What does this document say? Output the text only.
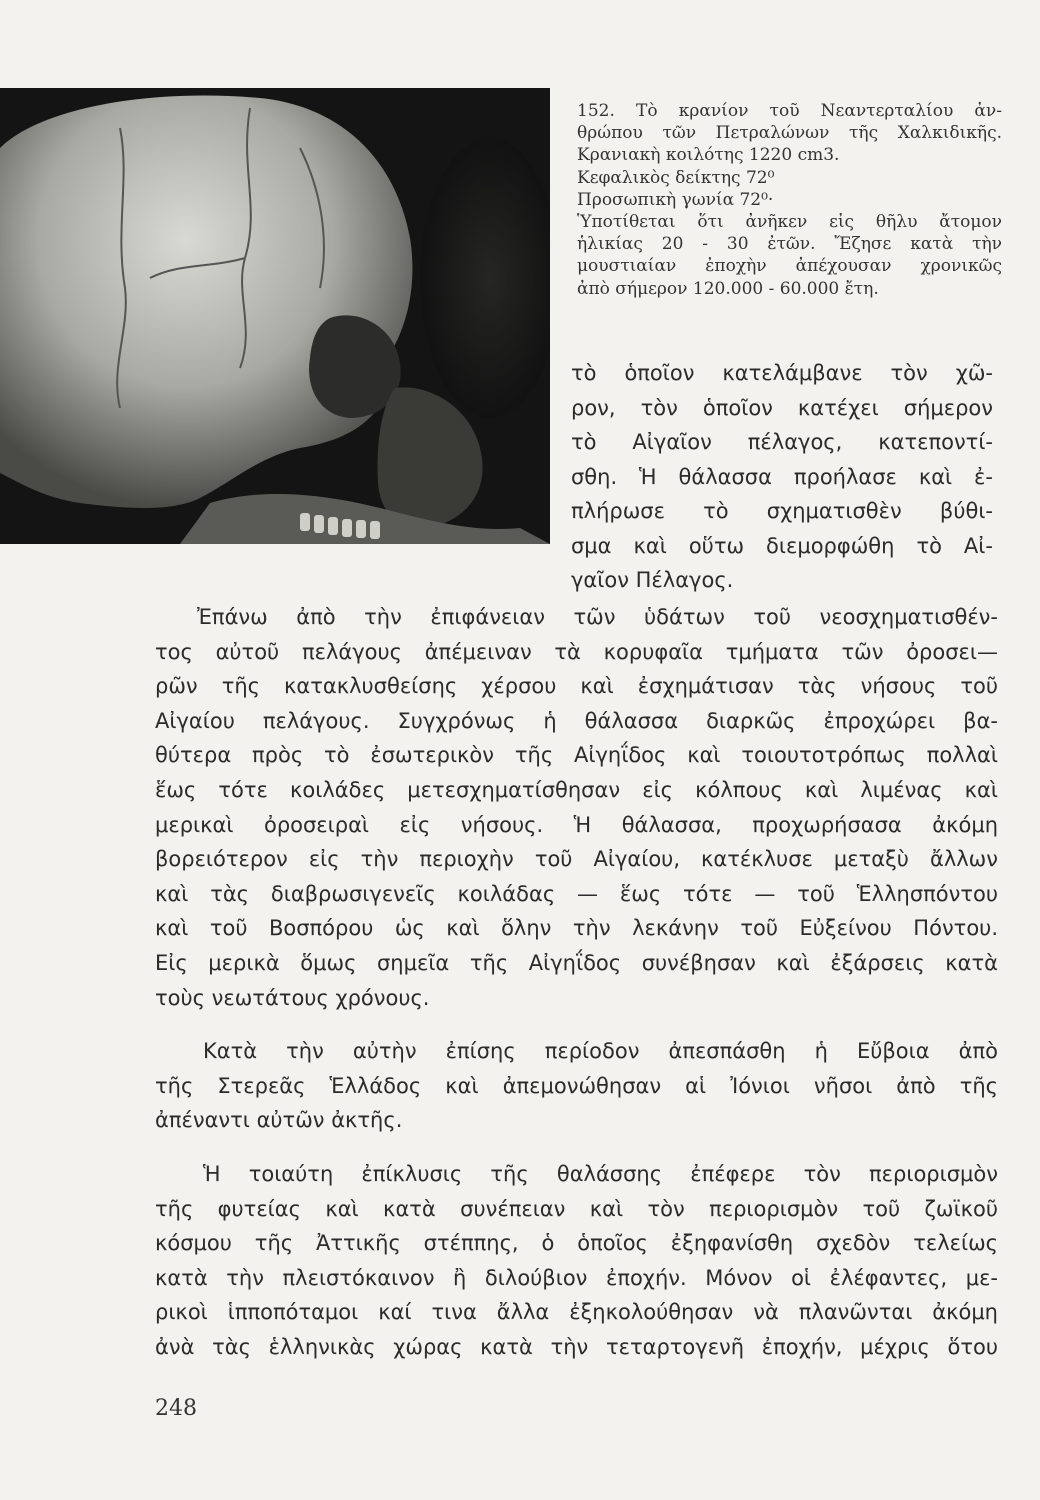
152. Τὸ κρανίον τοῦ Νεαντερταλίου ἀν-
θρώπου τῶν Πετραλώνων τῆς Χαλκιδικῆς.
Κρανιακὴ κοιλότης 1220 cm3.
Κεφαλικὸς δείκτης 72⁰
Προσωπικὴ γωνία 72⁰·
Ὑποτίθεται ὅτι ἀνῆκεν εἰς θῆλυ ἄτομον
ἡλικίας 20 - 30 ἐτῶν. Ἔζησε κατὰ τὴν
μουστιαίαν ἐποχὴν ἀπέχουσαν χρονικῶς
ἀπὸ σήμερον 120.000 - 60.000 ἔτη.
τὸ ὁποῖον κατελάμβανε τὸν χῶ-
ρον, τὸν ὁποῖον κατέχει σήμερον
τὸ Αἰγαῖον πέλαγος, κατεποντί-
σθη. Ἡ θάλασσα προήλασε καὶ ἐ-
πλήρωσε τὸ σχηματισθὲν βύθι-
σμα καὶ οὕτω διεμορφώθη τὸ Αἰ-
γαῖον Πέλαγος.
Ἐπάνω ἀπὸ τὴν ἐπιφάνειαν τῶν ὑδάτων τοῦ νεοσχηματισθέν-
τος αὐτοῦ πελάγους ἀπέμειναν τὰ κορυφαῖα τμήματα τῶν ὀροσει—
ρῶν τῆς κατακλυσθείσης χέρσου καὶ ἐσχημάτισαν τὰς νήσους τοῦ
Αἰγαίου πελάγους. Συγχρόνως ἡ θάλασσα διαρκῶς ἐπροχώρει βα-
θύτερα πρὸς τὸ ἐσωτερικὸν τῆς Αἰγηΐδος καὶ τοιουτοτρόπως πολλαὶ
ἕως τότε κοιλάδες μετεσχηματίσθησαν εἰς κόλπους καὶ λιμένας καὶ
μερικαὶ ὀροσειραὶ εἰς νήσους. Ἡ θάλασσα, προχωρήσασα ἀκόμη
βορειότερον εἰς τὴν περιοχὴν τοῦ Αἰγαίου, κατέκλυσε μεταξὺ ἄλλων
καὶ τὰς διαβρωσιγενεῖς κοιλάδας — ἕως τότε — τοῦ Ἑλλησπόντου
καὶ τοῦ Βοσπόρου ὡς καὶ ὅλην τὴν λεκάνην τοῦ Εὐξείνου Πόντου.
Εἰς μερικὰ ὅμως σημεῖα τῆς Αἰγηΐδος συνέβησαν καὶ ἐξάρσεις κατὰ
τοὺς νεωτάτους χρόνους.
Κατὰ τὴν αὐτὴν ἐπίσης περίοδον ἀπεσπάσθη ἡ Εὔβοια ἀπὸ
τῆς Στερεᾶς Ἑλλάδος καὶ ἀπεμονώθησαν αἱ Ἰόνιοι νῆσοι ἀπὸ τῆς
ἀπέναντι αὐτῶν ἀκτῆς.
Ἡ τοιαύτη ἐπίκλυσις τῆς θαλάσσης ἐπέφερε τὸν περιορισμὸν
τῆς φυτείας καὶ κατὰ συνέπειαν καὶ τὸν περιορισμὸν τοῦ ζωϊκοῦ
κόσμου τῆς Ἀττικῆς στέππης, ὁ ὁποῖος ἐξηφανίσθη σχεδὸν τελείως
κατὰ τὴν πλειστόκαινον ἢ διλούβιον ἐποχήν. Μόνον οἱ ἐλέφαντες, με-
ρικοὶ ἱπποπόταμοι καί τινα ἄλλα ἐξηκολούθησαν νὰ πλανῶνται ἀκόμη
ἀνὰ τὰς ἑλληνικὰς χώρας κατὰ τὴν τεταρτογενῆ ἐποχήν, μέχρις ὅτου
248
